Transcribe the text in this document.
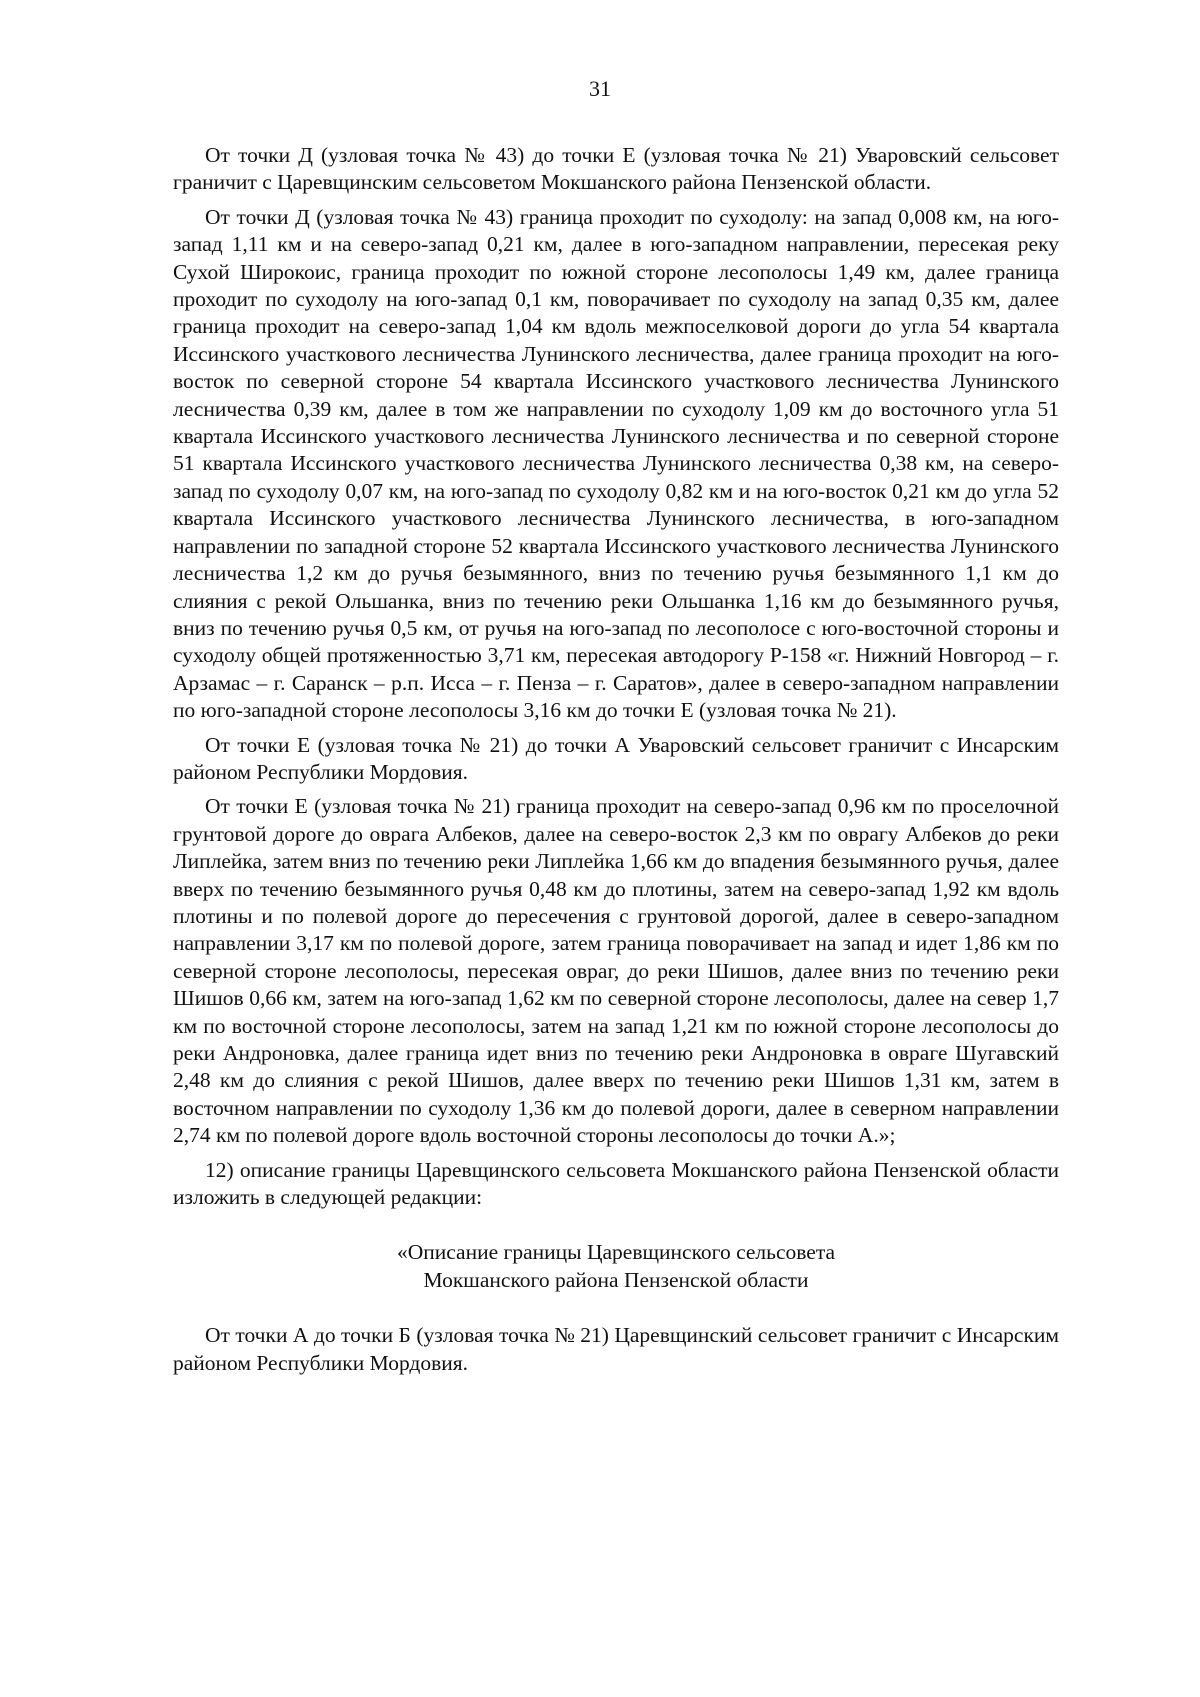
31

От точки Д (узловая точка № 43) до точки Е (узловая точка № 21) Уваровский сельсовет граничит с Царевщинским сельсоветом Мокшанского района Пензенской области.

От точки Д (узловая точка № 43) граница проходит по суходолу: на запад 0,008 км, на юго-запад 1,11 км и на северо-запад 0,21 км, далее в юго-западном направлении, пересекая реку Сухой Широкоис, граница проходит по южной стороне лесополосы 1,49 км, далее граница проходит по суходолу на юго-запад 0,1 км, поворачивает по суходолу на запад 0,35 км, далее граница проходит на северо-запад 1,04 км вдоль межпоселковой дороги до угла 54 квартала Иссинского участкового лесничества Лунинского лесничества, далее граница проходит на юго-восток по северной стороне 54 квартала Иссинского участкового лесничества Лунинского лесничества 0,39 км, далее в том же направлении по суходолу 1,09 км до восточного угла 51 квартала Иссинского участкового лесничества Лунинского лесничества и по северной стороне 51 квартала Иссинского участкового лесничества Лунинского лесничества 0,38 км, на северо-запад по суходолу 0,07 км, на юго-запад по суходолу 0,82 км и на юго-восток 0,21 км до угла 52 квартала Иссинского участкового лесничества Лунинского лесничества, в юго-западном направлении по западной стороне 52 квартала Иссинского участкового лесничества Лунинского лесничества 1,2 км до ручья безымянного, вниз по течению ручья безымянного 1,1 км до слияния с рекой Ольшанка, вниз по течению реки Ольшанка 1,16 км до безымянного ручья, вниз по течению ручья 0,5 км, от ручья на юго-запад по лесополосе с юго-восточной стороны и суходолу общей протяженностью 3,71 км, пересекая автодорогу Р-158 «г. Нижний Новгород – г. Арзамас – г. Саранск – р.п. Исса – г. Пенза – г. Саратов», далее в северо-западном направлении по юго-западной стороне лесополосы 3,16 км до точки Е (узловая точка № 21).

От точки Е (узловая точка № 21) до точки А Уваровский сельсовет граничит с Инсарским районом Республики Мордовия.

От точки Е (узловая точка № 21) граница проходит на северо-запад 0,96 км по проселочной грунтовой дороге до оврага Албеков, далее на северо-восток 2,3 км по оврагу Албеков до реки Липлейка, затем вниз по течению реки Липлейка 1,66 км до впадения безымянного ручья, далее вверх по течению безымянного ручья 0,48 км до плотины, затем на северо-запад 1,92 км вдоль плотины и по полевой дороге до пересечения с грунтовой дорогой, далее в северо-западном направлении 3,17 км по полевой дороге, затем граница поворачивает на запад и идет 1,86 км по северной стороне лесополосы, пересекая овраг, до реки Шишов, далее вниз по течению реки Шишов 0,66 км, затем на юго-запад 1,62 км по северной стороне лесополосы, далее на север 1,7 км по восточной стороне лесополосы, затем на запад 1,21 км по южной стороне лесополосы до реки Андроновка, далее граница идет вниз по течению реки Андроновка в овраге Шугавский 2,48 км до слияния с рекой Шишов, далее вверх по течению реки Шишов 1,31 км, затем в восточном направлении по суходолу 1,36 км до полевой дороги, далее в северном направлении 2,74 км по полевой дороге вдоль восточной стороны лесополосы до точки А.»;

12) описание границы Царевщинского сельсовета Мокшанского района Пензенской области изложить в следующей редакции:

«Описание границы Царевщинского сельсовета
Мокшанского района Пензенской области

От точки А до точки Б (узловая точка № 21) Царевщинский сельсовет граничит с Инсарским районом Республики Мордовия.
